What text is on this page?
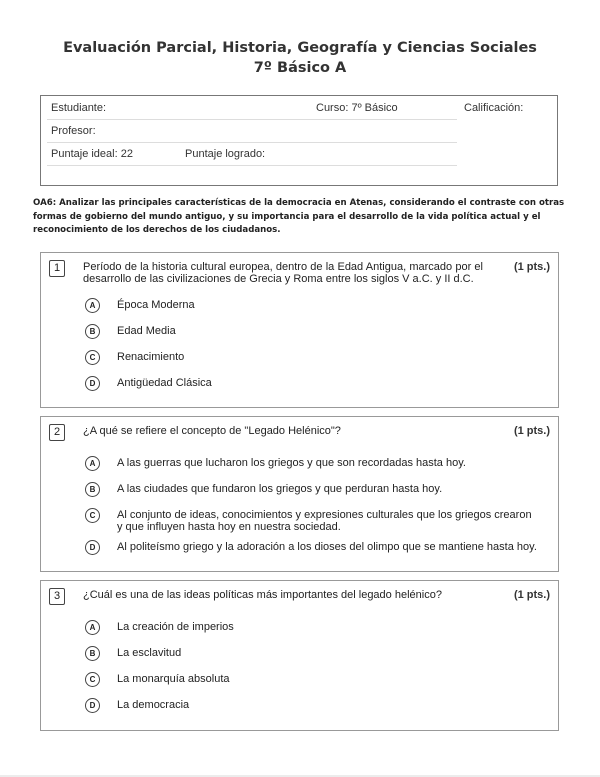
Evaluación Parcial, Historia, Geografía y Ciencias Sociales
7º Básico A
Estudiante:	Curso: 7º Básico	Calificación:
Profesor:
Puntaje ideal: 22	Puntaje logrado:
OA6: Analizar las principales características de la democracia en Atenas, considerando el contraste con otras formas de gobierno del mundo antiguo, y su importancia para el desarrollo de la vida política actual y el reconocimiento de los derechos de los ciudadanos.
1	Período de la historia cultural europea, dentro de la Edad Antigua, marcado por el desarrollo de las civilizaciones de Grecia y Roma entre los siglos V a.C. y II d.C.
(1 pts.)
A	Época Moderna
B	Edad Media
C	Renacimiento
D	Antigüedad Clásica
2	¿A qué se refiere el concepto de "Legado Helénico"?	(1 pts.)
A	A las guerras que lucharon los griegos y que son recordadas hasta hoy.
B	A las ciudades que fundaron los griegos y que perduran hasta hoy.
C	Al conjunto de ideas, conocimientos y expresiones culturales que los griegos crearon y que influyen hasta hoy en nuestra sociedad.
D	Al politeísmo griego y la adoración a los dioses del olimpo que se mantiene hasta hoy.
3	¿Cuál es una de las ideas políticas más importantes del legado helénico?	(1 pts.)
A	La creación de imperios
B	La esclavitud
C	La monarquía absoluta
D	La democracia
